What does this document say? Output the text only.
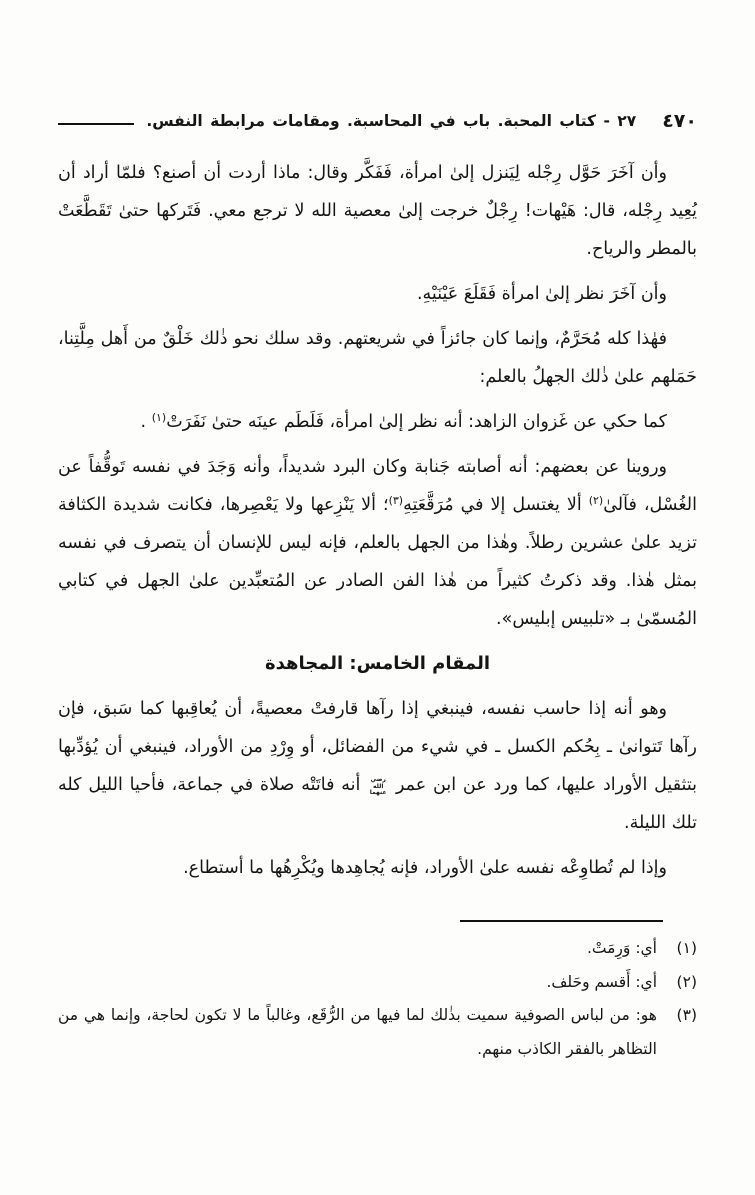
٤٧٠
٢٧ - كتاب المحبة. باب في المحاسبة. ومقامات مرابطة النفس.

وأن آخَرَ حَوَّل رِجْله لِيَنزل إلىٰ امرأة، فَفَكَّر وقال: ماذا أردت أن أصنع؟ فلمّا أراد أن يُعِيد رِجْله، قال: هَيْهات! رِجْلٌ خرجت إلىٰ معصية الله لا ترجع معي. فَتَركها حتىٰ تَقَطَّعَتْ بالمطر والرياح.

وأن آخَرَ نظر إلىٰ امرأة فَقَلَعَ عَيْنَيْهِ.

فهٰذا كله مُحَرَّمٌ، وإنما كان جائزاً في شريعتهم. وقد سلك نحو ذٰلك خَلْقٌ من أَهل مِلَّتِنا، حَمَلهم علىٰ ذٰلك الجهلُ بالعلم:

كما حكي عن غَزوان الزاهد: أنه نظر إلىٰ امرأة، فَلَطَم عينَه حتىٰ نَفَرَتْ$^{(١)}$ .

وروينا عن بعضهم: أنه أصابته جَنابة وكان البرد شديداً، وأنه وَجَدَ في نفسه تَوقُّفاً عن الغُسْل، فآلىٰ$^{(٢)}$ ألا يغتسل إلا في مُرَقَّعَتِهِ$^{(٣)}$؛ ألا يَنْزِعها ولا يَعْصِرها، فكانت شديدة الكثافة تزيد علىٰ عشرين رطلاً. وهٰذا من الجهل بالعلم، فإنه ليس للإنسان أن يتصرف في نفسه بمثل هٰذا. وقد ذكرتُ كثيراً من هٰذا الفن الصادر عن المُتعبِّدين علىٰ الجهل في كتابي المُسمّىٰ بـ «تلبيس إبليس».

المقام الخامس: المجاهدة

وهو أنه إذا حاسب نفسه، فينبغي إذا رآها قارفتْ معصيةً، أن يُعاقِبها كما سَبق، فإن رآها تَتوانىٰ ـ بِحُكم الكسل ـ في شيء من الفضائل، أو وِرْدِ من الأوراد، فينبغي أن يُؤدِّبها بتثقيل الأوراد عليها، كما ورد عن ابن عمر رضي الله عنهما أنه فاتَتْه صلاة في جماعة، فأحيا الليل كله تلك الليلة.

وإذا لم تُطاوِعْه نفسه علىٰ الأوراد، فإنه يُجاهِدها ويُكْرِهُها ما أستطاع.

(١)
أي: وَرِمَتْ.
(٢)
أي: أَقسم وحَلف.
(٣)
هو: من لباس الصوفية سميت بذٰلك لما فيها من الرُّقَع، وغالباً ما لا تكون لحاجة، وإنما هي من التظاهر بالفقر الكاذب منهم.
